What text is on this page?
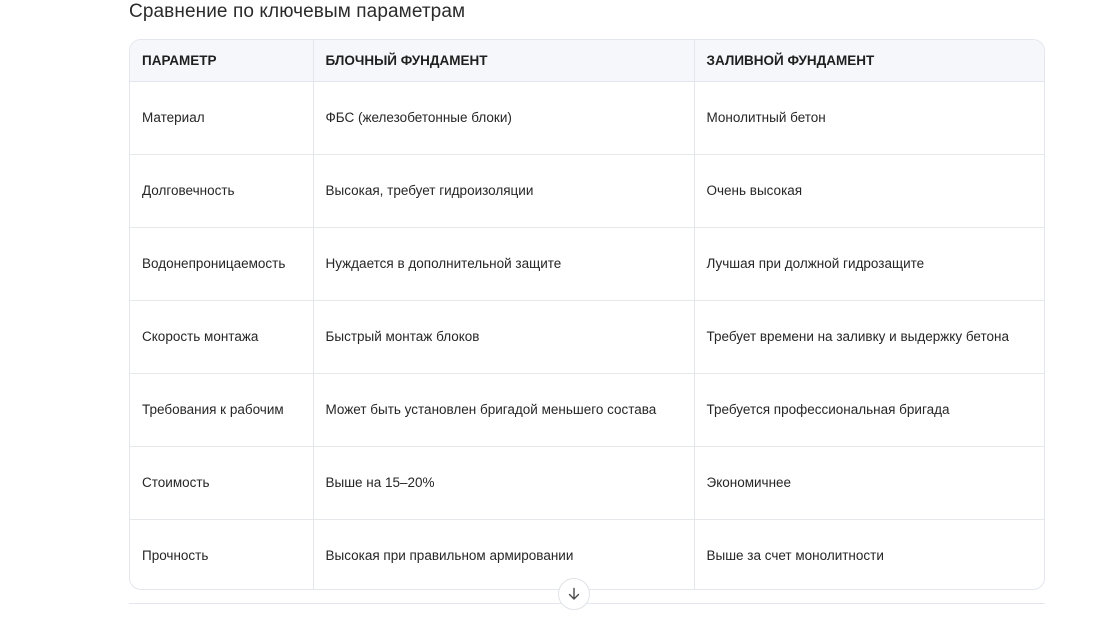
Сравнение по ключевым параметрам
ПАРАМЕТР	БЛОЧНЫЙ ФУНДАМЕНТ	ЗАЛИВНОЙ ФУНДАМЕНТ
Материал	ФБС (железобетонные блоки)	Монолитный бетон
Долговечность	Высокая, требует гидроизоляции	Очень высокая
Водонепроницаемость	Нуждается в дополнительной защите	Лучшая при должной гидрозащите
Скорость монтажа	Быстрый монтаж блоков	Требует времени на заливку и выдержку бетона
Требования к рабочим	Может быть установлен бригадой меньшего состава	Требуется профессиональная бригада
Стоимость	Выше на 15–20%	Экономичнее
Прочность	Высокая при правильном армировании	Выше за счет монолитности
